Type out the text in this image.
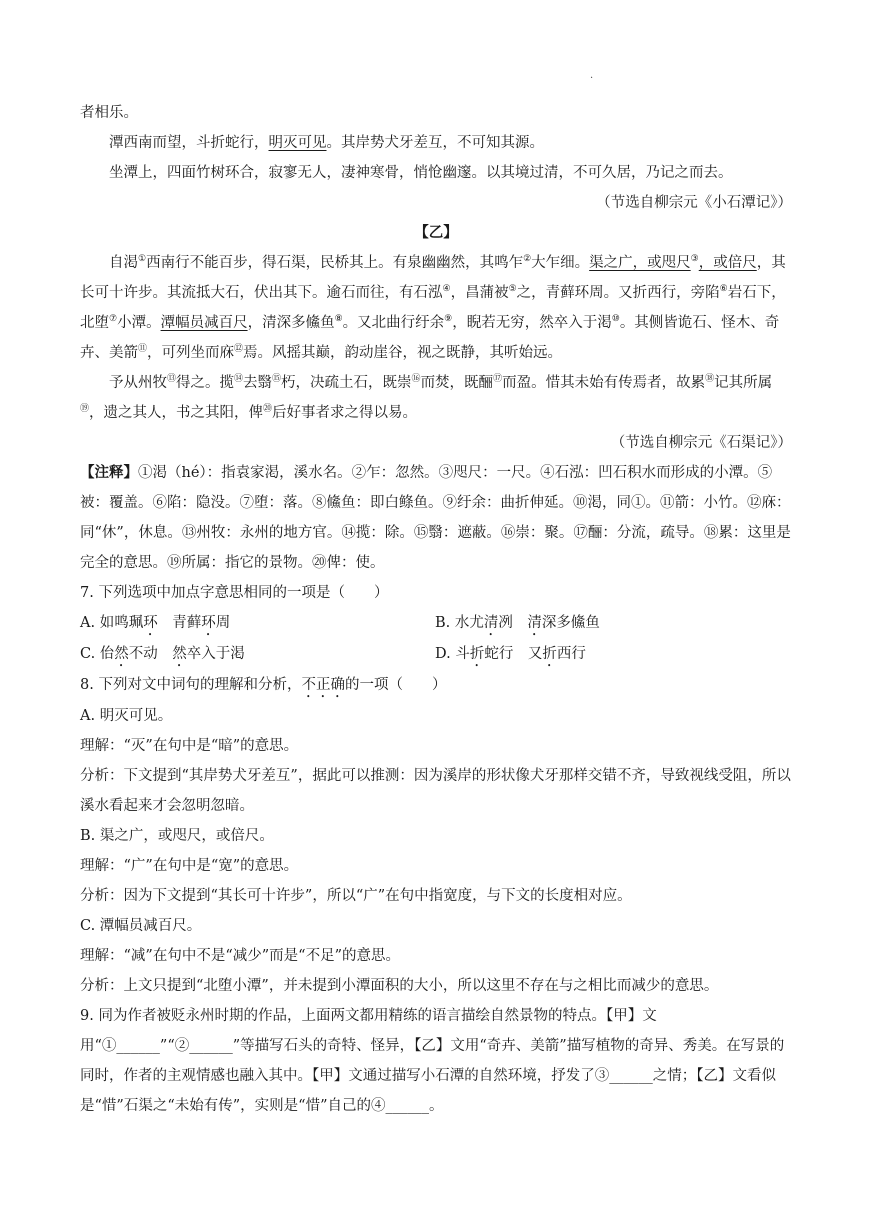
·

者相乐。

潭西南而望，斗折蛇行，明灭可见。其岸势犬牙差互，不可知其源。

坐潭上，四面竹树环合，寂寥无人，凄神寒骨，悄怆幽邃。以其境过清，不可久居，乃记之而去。

（节选自柳宗元《小石潭记》）

【乙】

自渇①西南行不能百步，得石渠，民桥其上。有泉幽幽然，其鸣乍②大乍细。渠之广，或咫尺③，或倍尺，其长可十许步。其流抵大石，伏出其下。逾石而往，有石泓④，昌蒲被⑤之，青藓环周。又折西行，旁陷⑥岩石下，北堕⑦小潭。潭幅员减百尺，清深多鯈鱼⑧。又北曲行纡余⑨，睨若无穷，然卒入于渇⑩。其侧皆诡石、怪木、奇卉、美箭⑪，可列坐而庥⑫焉。风摇其巅，韵动崖谷，视之既静，其听始远。

予从州牧⑬得之。揽⑭去翳⑮朽，决疏土石，既崇⑯而焚，既酾⑰而盈。惜其未始有传焉者，故累⑱记其所属⑲，遗之其人，书之其阳，俾⑳后好事者求之得以易。

（节选自柳宗元《石渠记》）

【注释】①渇（hé）：指袁家渇，溪水名。②乍：忽然。③咫尺：一尺。④石泓：凹石积水而形成的小潭。⑤被：覆盖。⑥陷：隐没。⑦堕：落。⑧鯈鱼：即白鲦鱼。⑨纡余：曲折伸延。⑩渇，同①。⑪箭：小竹。⑫庥：同“休”，休息。⑬州牧：永州的地方官。⑭揽：除。⑮翳：遮蔽。⑯崇：聚。⑰酾：分流，疏导。⑱累：这里是完全的意思。⑲所属：指它的景物。⑳俾：使。

7. 下列选项中加点字意思相同的一项是（　　）

A. 如鸣珮环　 青藓环周	B. 水尤清冽　 清深多鯈鱼
C. 佁然不动　 然卒入于渇	D. 斗折蛇行　 又折西行

8. 下列对文中词句的理解和分析，不正确的一项（　　）

A. 明灭可见。

理解：“灭”在句中是“暗”的意思。

分析：下文提到“其岸势犬牙差互”，据此可以推测：因为溪岸的形状像犬牙那样交错不齐，导致视线受阻，所以溪水看起来才会忽明忽暗。

B. 渠之广，或咫尺，或倍尺。

理解：“广”在句中是“宽”的意思。

分析：因为下文提到“其长可十许步”，所以“广”在句中指宽度，与下文的长度相对应。

C. 潭幅员减百尺。

理解：“减”在句中不是“减少”而是“不足”的意思。

分析：上文只提到“北堕小潭”，并未提到小潭面积的大小，所以这里不存在与之相比而减少的意思。

9. 同为作者被贬永州时期的作品，上面两文都用精练的语言描绘自然景物的特点。【甲】文用“①______”“②______”等描写石头的奇特、怪异，【乙】文用“奇卉、美箭”描写植物的奇异、秀美。在写景的同时，作者的主观情感也融入其中。【甲】文通过描写小石潭的自然环境，抒发了③______之情；【乙】文看似是“惜”石渠之“未始有传”，实则是“惜”自己的④______。
